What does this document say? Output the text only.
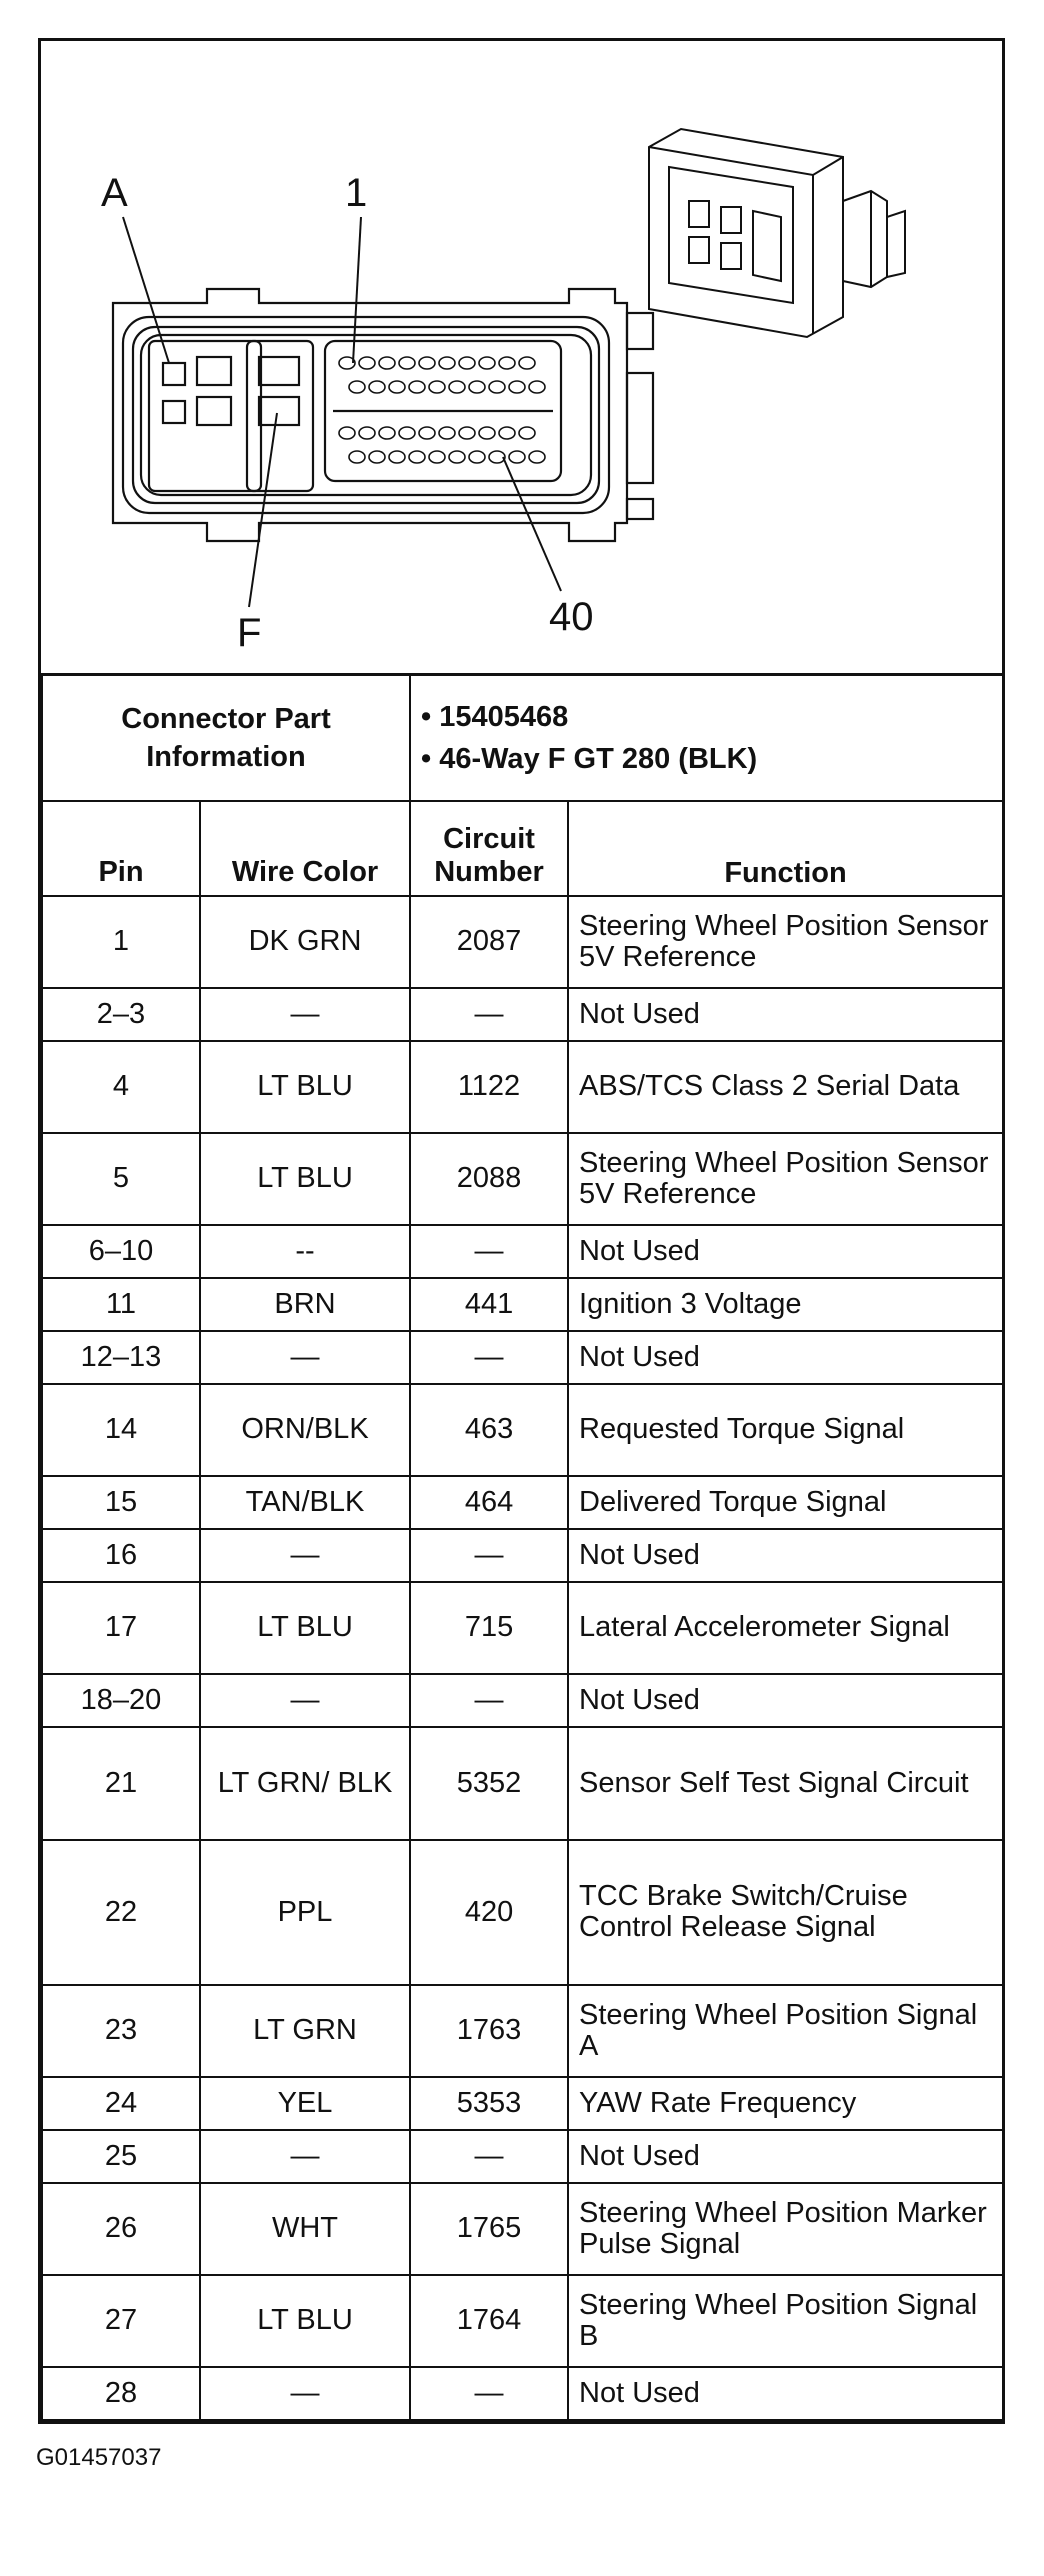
A	1
F	40
Connector Part Information		• 15405468
• 46-Way F GT 280 (BLK)	

Pin	Wire Color	Circuit Number	Function
1	DK GRN	2087	Steering Wheel Position Sensor 5V Reference
2–3	—	—	Not Used
4	LT BLU	1122	ABS/TCS Class 2 Serial Data
5	LT BLU	2088	Steering Wheel Position Sensor 5V Reference
6–10	--	—	Not Used
11	BRN	441	Ignition 3 Voltage
12–13	—	—	Not Used
14	ORN/BLK	463	Requested Torque Signal
15	TAN/BLK	464	Delivered Torque Signal
16	—	—	Not Used
17	LT BLU	715	Lateral Accelerometer Signal
18–20	—	—	Not Used
21	LT GRN/ BLK	5352	Sensor Self Test Signal Circuit
22	PPL	420	TCC Brake Switch/Cruise Control Release Signal
23	LT GRN	1763	Steering Wheel Position Signal A
24	YEL	5353	YAW Rate Frequency
25	—	—	Not Used
26	WHT	1765	Steering Wheel Position Marker Pulse Signal
27	LT BLU	1764	Steering Wheel Position Signal B
28	—	—	Not Used
G01457037
